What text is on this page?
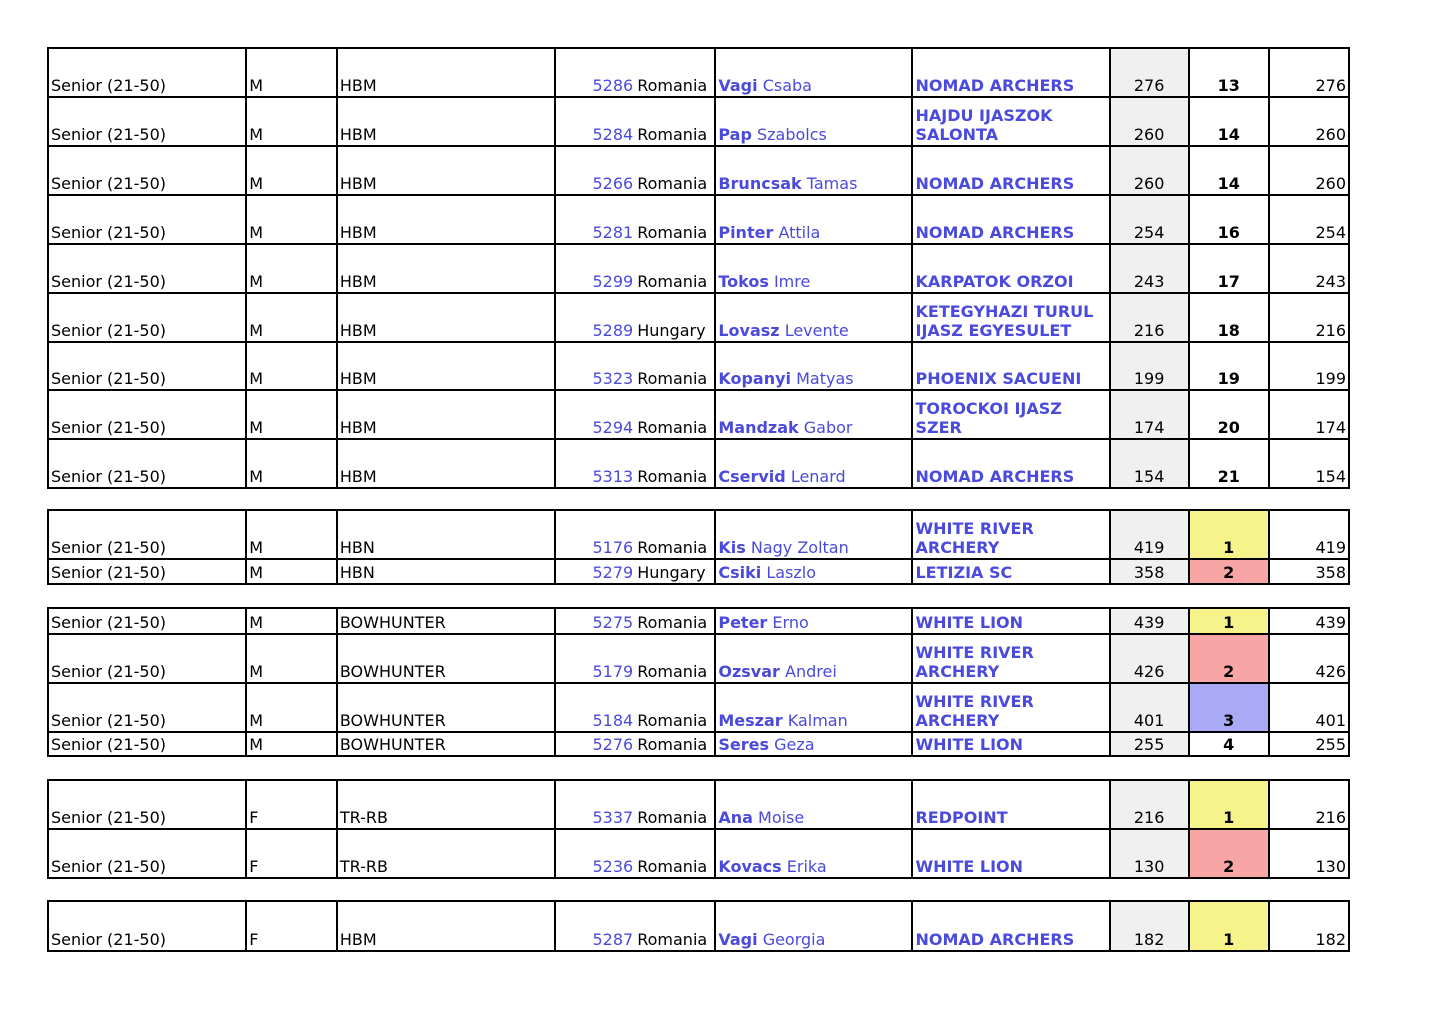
Senior (21-50)	M	HBM	5286	Romania	Vagi Csaba	NOMAD ARCHERS	276	13	276
Senior (21-50)	M	HBM	5284	Romania	Pap Szabolcs	HAJDU IJASZOK SALONTA	260	14	260
Senior (21-50)	M	HBM	5266	Romania	Bruncsak Tamas	NOMAD ARCHERS	260	14	260
Senior (21-50)	M	HBM	5281	Romania	Pinter Attila	NOMAD ARCHERS	254	16	254
Senior (21-50)	M	HBM	5299	Romania	Tokos Imre	KARPATOK ORZOI	243	17	243
Senior (21-50)	M	HBM	5289	Hungary	Lovasz Levente	KETEGYHAZI TURUL IJASZ EGYESULET	216	18	216
Senior (21-50)	M	HBM	5323	Romania	Kopanyi Matyas	PHOENIX SACUENI	199	19	199
Senior (21-50)	M	HBM	5294	Romania	Mandzak Gabor	TOROCKOI IJASZ SZER	174	20	174
Senior (21-50)	M	HBM	5313	Romania	Cservid Lenard	NOMAD ARCHERS	154	21	154
Senior (21-50)	M	HBN	5176	Romania	Kis Nagy Zoltan	WHITE RIVER ARCHERY	419	1	419
Senior (21-50)	M	HBN	5279	Hungary	Csiki Laszlo	LETIZIA SC	358	2	358
Senior (21-50)	M	BOWHUNTER	5275	Romania	Peter Erno	WHITE LION	439	1	439
Senior (21-50)	M	BOWHUNTER	5179	Romania	Ozsvar Andrei	WHITE RIVER ARCHERY	426	2	426
Senior (21-50)	M	BOWHUNTER	5184	Romania	Meszar Kalman	WHITE RIVER ARCHERY	401	3	401
Senior (21-50)	M	BOWHUNTER	5276	Romania	Seres Geza	WHITE LION	255	4	255
Senior (21-50)	F	TR-RB	5337	Romania	Ana Moise	REDPOINT	216	1	216
Senior (21-50)	F	TR-RB	5236	Romania	Kovacs Erika	WHITE LION	130	2	130
Senior (21-50)	F	HBM	5287	Romania	Vagi Georgia	NOMAD ARCHERS	182	1	182
